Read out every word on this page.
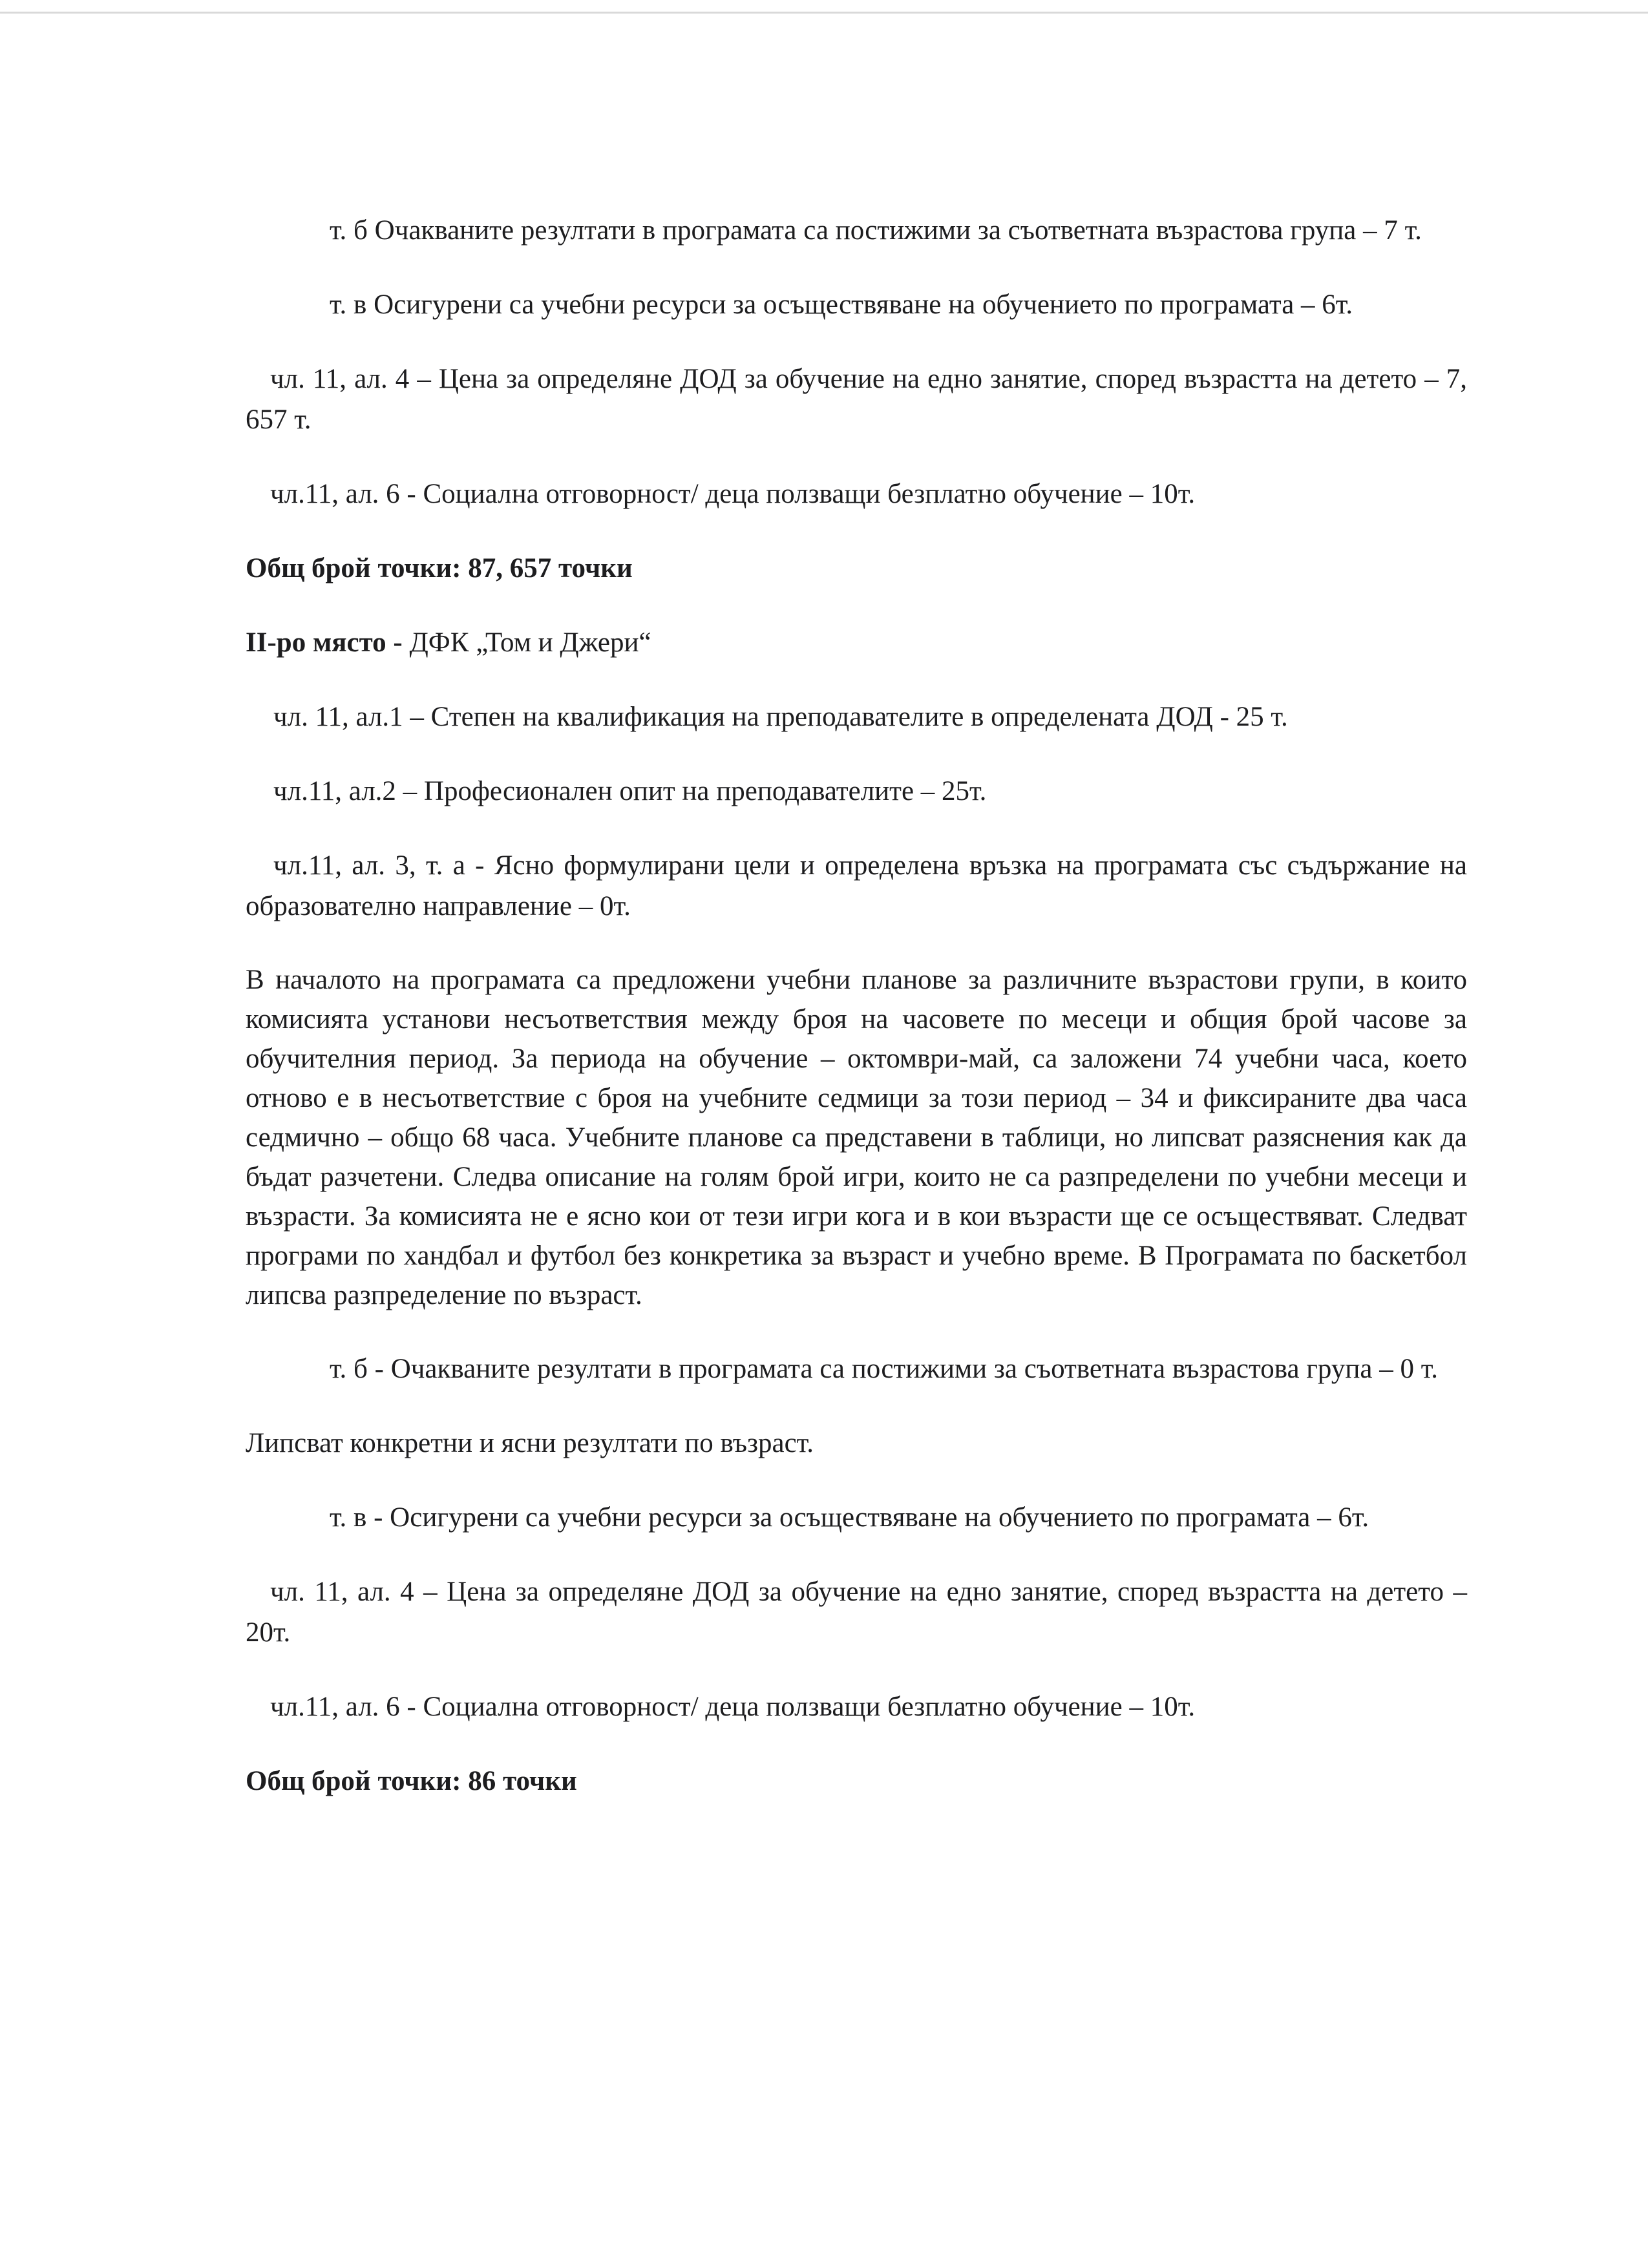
т. б Очакваните резултати в програмата са постижими за съответната възрастова група – 7 т.

т. в Осигурени са учебни ресурси за осъществяване на обучението по програмата – 6т.

чл. 11, ал. 4 – Цена за определяне ДОД за обучение на едно занятие, според възрастта на детето – 7, 657 т.

чл.11, ал. 6 - Социална отговорност/ деца ползващи безплатно обучение – 10т.

Общ брой точки: 87, 657 точки

II-ро място - ДФК „Том и Джери“

чл. 11, ал.1 – Степен на квалификация на преподавателите в определената ДОД - 25 т.

чл.11, ал.2 – Професионален опит на преподавателите – 25т.

чл.11, ал. 3, т. а - Ясно формулирани цели и определена връзка на програмата със съдържание на образователно направление – 0т.

В началото на програмата са предложени учебни планове за различните възрастови групи, в които комисията установи несъответствия между броя на часовете по месеци и общия брой часове за обучителния период. За периода на обучение – октомври-май, са заложени 74 учебни часа, което отново е в несъответствие с броя на учебните седмици за този период – 34 и фиксираните два часа седмично – общо 68 часа. Учебните планове са представени в таблици, но липсват разяснения как да бъдат разчетени. Следва описание на голям брой игри, които не са разпределени по учебни месеци и възрасти. За комисията не е ясно кои от тези игри кога и в кои възрасти ще се осъществяват. Следват програми по хандбал и футбол без конкретика за възраст и учебно време. В Програмата по баскетбол липсва разпределение по възраст.

т. б - Очакваните резултати в програмата са постижими за съответната възрастова група – 0 т.

Липсват конкретни и ясни резултати по възраст.

т. в - Осигурени са учебни ресурси за осъществяване на обучението по програмата – 6т.

чл. 11, ал. 4 – Цена за определяне ДОД за обучение на едно занятие, според възрастта на детето – 20т.

чл.11, ал. 6 - Социална отговорност/ деца ползващи безплатно обучение – 10т.

Общ брой точки: 86 точки
